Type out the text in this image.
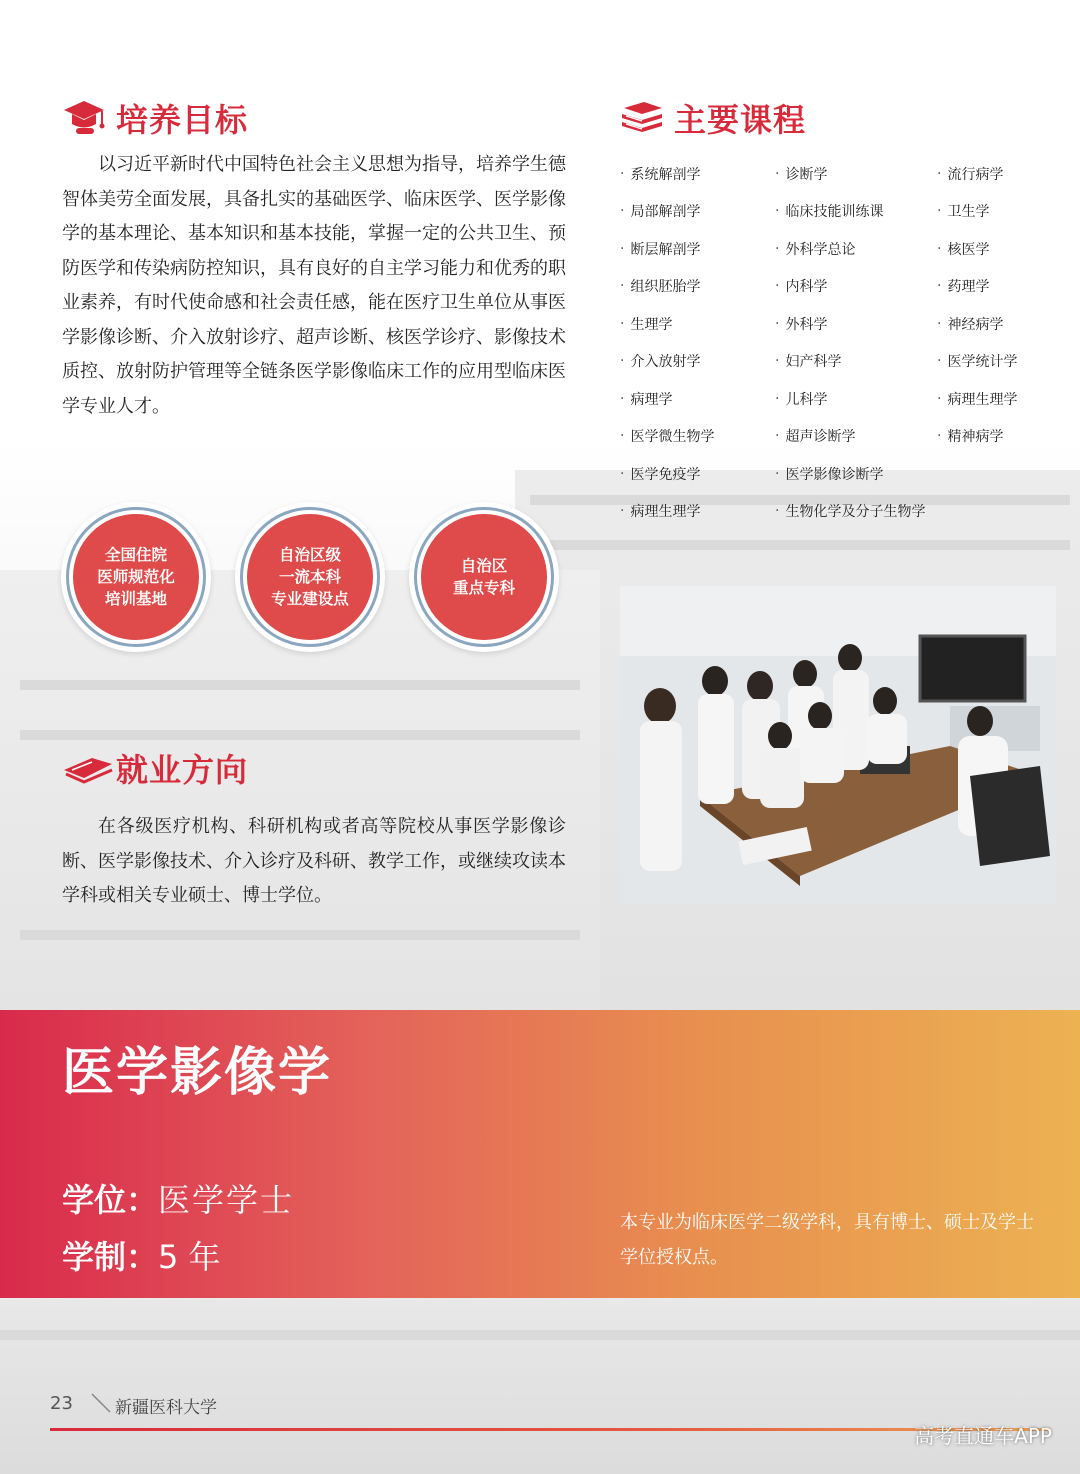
培养目标
以习近平新时代中国特色社会主义思想为指导，培养学生德智体美劳全面发展，具备扎实的基础医学、临床医学、医学影像学的基本理论、基本知识和基本技能，掌握一定的公共卫生、预防医学和传染病防控知识，具有良好的自主学习能力和优秀的职业素养，有时代使命感和社会责任感，能在医疗卫生单位从事医学影像诊断、介入放射诊疗、超声诊断、核医学诊疗、影像技术质控、放射防护管理等全链条医学影像临床工作的应用型临床医学专业人才。
主要课程
· 系统解剖学	· 诊断学	· 流行病学
· 局部解剖学	· 临床技能训练课	· 卫生学
· 断层解剖学	· 外科学总论	· 核医学
· 组织胚胎学	· 内科学	· 药理学
· 生理学	· 外科学	· 神经病学
· 介入放射学	· 妇产科学	· 医学统计学
· 病理学	· 儿科学	· 病理生理学
· 医学微生物学	· 超声诊断学	· 精神病学
· 医学免疫学	· 医学影像诊断学
· 病理生理学	· 生物化学及分子生物学
全国住院
医师规范化
培训基地
自治区级
一流本科
专业建设点
自治区
重点专科
就业方向
在各级医疗机构、科研机构或者高等院校从事医学影像诊断、医学影像技术、介入诊疗及科研、教学工作，或继续攻读本学科或相关专业硕士、博士学位。
医学影像学
学位：医学学士
学制：5 年
本专业为临床医学二级学科，具有博士、硕士及学士学位授权点。
23 新疆医科大学
高考直通车APP
